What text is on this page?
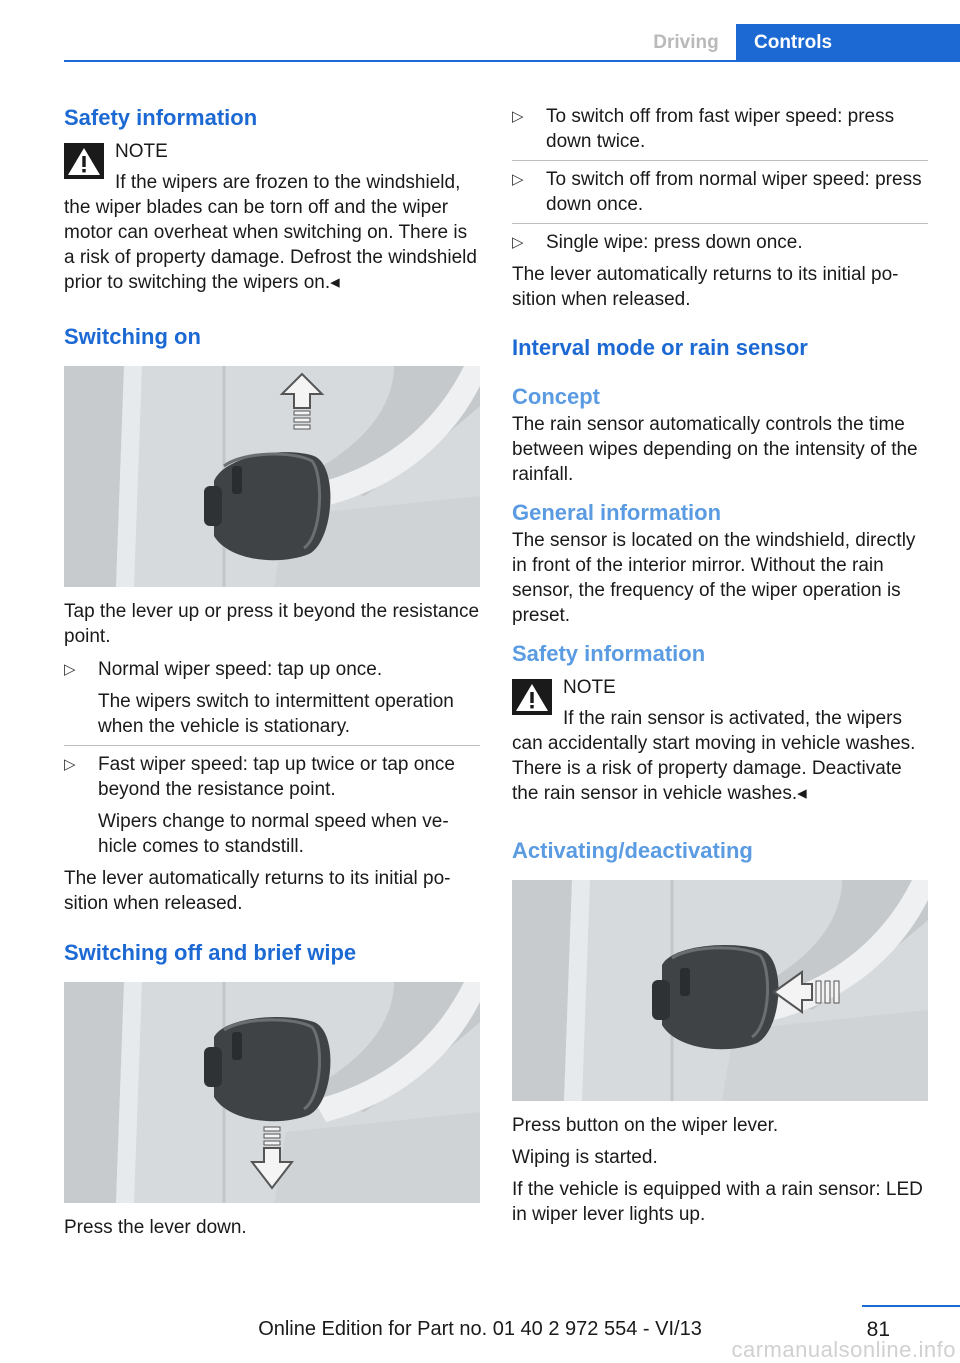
Driving	Controls
Safety information

NOTE

If the wipers are frozen to the windshield,

the wiper blades can be torn off and the wiper motor can overheat when switching on. There is a risk of property damage. Defrost the windshield prior to switching the wipers on.◂

Switching on

Tap the lever up or press it beyond the resistance point.

▷ Normal wiper speed: tap up once.
The wipers switch to intermittent operation when the vehicle is stationary.
▷ Fast wiper speed: tap up twice or tap once beyond the resistance point.
Wipers change to normal speed when vehicle comes to standstill.

The lever automatically returns to its initial position when released.

Switching off and brief wipe

Press the lever down.

▷ To switch off from fast wiper speed: press down twice.
▷ To switch off from normal wiper speed: press down once.
▷ Single wipe: press down once.

The lever automatically returns to its initial position when released.

Interval mode or rain sensor
Concept

The rain sensor automatically controls the time between wipes depending on the intensity of the rainfall.

General information

The sensor is located on the windshield, directly in front of the interior mirror. Without the rain sensor, the frequency of the wiper operation is preset.

Safety information

NOTE

If the rain sensor is activated, the wipers

can accidentally start moving in vehicle washes. There is a risk of property damage. Deactivate the rain sensor in vehicle washes.◂

Activating/deactivating

Press button on the wiper lever.

Wiping is started.

If the vehicle is equipped with a rain sensor: LED in wiper lever lights up.

Online Edition for Part no. 01 40 2 972 554 - VI/13	81
carmanualsonline.info
